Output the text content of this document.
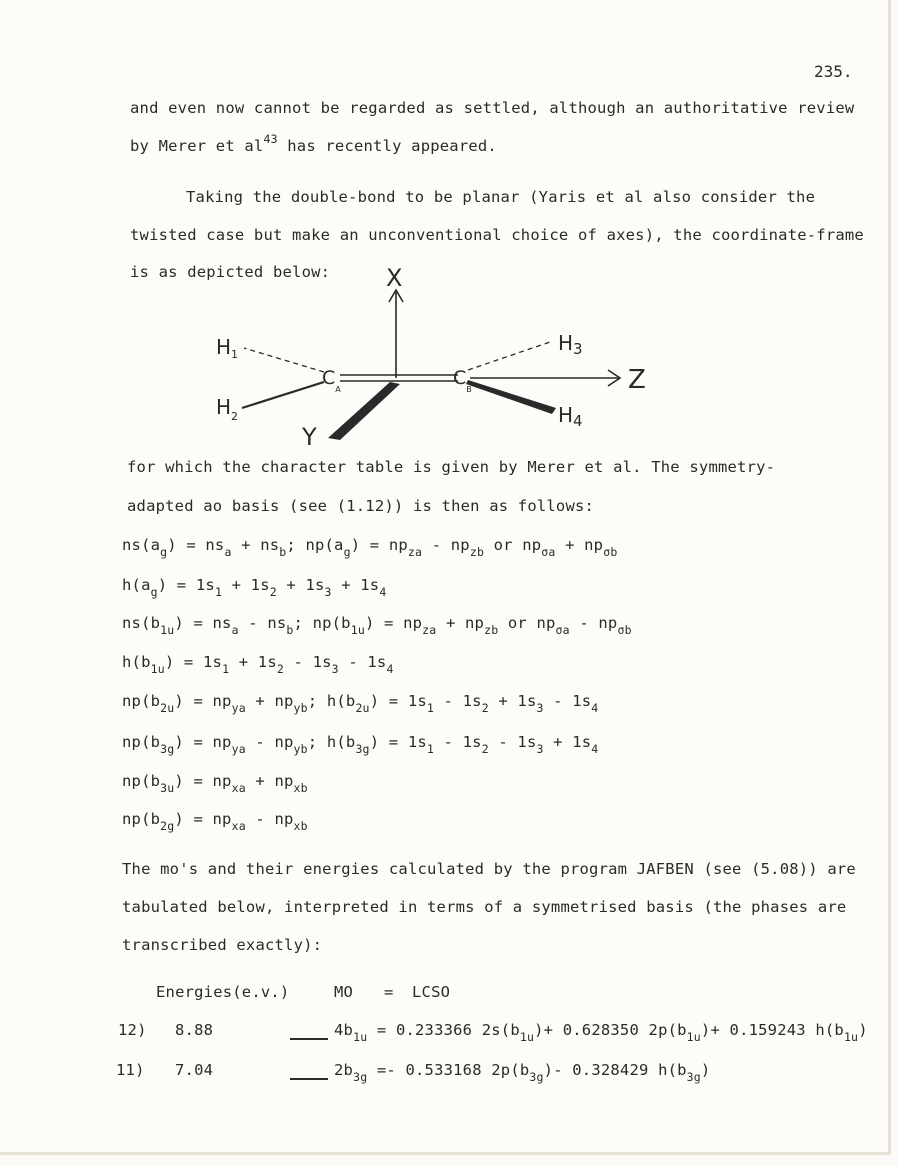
235.
and even now cannot be regarded as settled, although an authoritative review
by Merer et $al^{43}$ has recently appeared.
Taking the double-bond to be planar (Yaris et al also consider the
twisted case but make an unconventional choice of axes), the coordinate-frame
is as depicted below: X
Z
Y
$H_1$
$H_2$
$H_3$
$H_4$
$C_A$
$C_B$
for which the character table is given by Merer et al. The symmetry-
adapted ao basis (see (1.12)) is then as follows:
$ns(a_g) = ns_a + ns_b$; $np(a_g) = np_{za} - np_{zb}$ or $np_{\sigma a} + np_{\sigma b}$
$h(a_g) = 1s_1 + 1s_2 + 1s_3 + 1s_4$
$ns(b_{1u}) = ns_a - ns_b$; $np(b_{1u}) = np_{za} + np_{zb}$ or $np_{\sigma a} - np_{\sigma b}$
$h(b_{1u}) = 1s_1 + 1s_2 - 1s_3 - 1s_4$
$np(b_{2u}) = np_{ya} + np_{yb}$; $h(b_{2u}) = 1s_1 - 1s_2 + 1s_3 - 1s_4$
$np(b_{3g}) = np_{ya} - np_{yb}$; $h(b_{3g}) = 1s_1 - 1s_2 - 1s_3 + 1s_4$
$np(b_{3u}) = np_{xa} + np_{xb}$
$np(b_{2g}) = np_{xa} - np_{xb}$
The mo's and their energies calculated by the program JAFBEN (see (5.08)) are
tabulated below, interpreted in terms of a symmetrised basis (the phases are
transcribed exactly):
Energies(e.v.)	MO = LCSO
12) 8.88	$4b_{1u} = 0.233366$ $2s(b_{1u})+ 0.628350$ $2p(b_{1u})+ 0.159243$ $h(b_{1u})$
11) 7.04	$2b_{3g} =- 0.533168$ $2p(b_{3g})-$ 0.328429 $h(b_{3g})$
